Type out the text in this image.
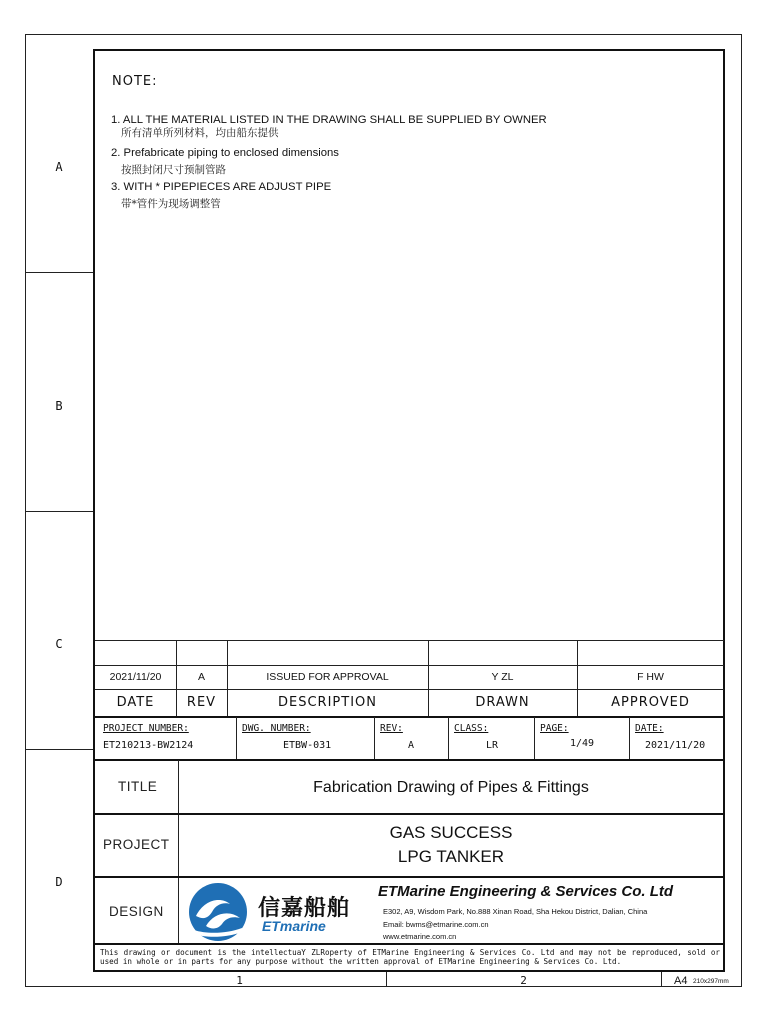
A
B
C
D
NOTE:
1. ALL THE MATERIAL LISTED IN THE DRAWING SHALL BE SUPPLIED BY OWNER
所有清单所列材料，均由船东提供
2. Prefabricate piping to enclosed dimensions
按照封闭尺寸预制管路
3. WITH * PIPEPIECES ARE ADJUST PIPE
带*管件为现场调整管
2021/11/20	A	ISSUED FOR APPROVAL	Y ZL	F HW
DATE	REV	DESCRIPTION	DRAWN	APPROVED
PROJECT NUMBER:
ET210213-BW2124
DWG. NUMBER:
ETBW-031
REV:
A
CLASS:
LR
PAGE:
1/49
DATE:
2021/11/20
TITLE	Fabrication Drawing of Pipes & Fittings
PROJECT
GAS SUCCESS
LPG TANKER
DESIGN	信嘉船舶
ETmarine
ETMarine Engineering & Services Co. Ltd
E302, A9, Wisdom Park, No.888 Xinan Road, Sha Hekou District, Dalian, China
Email: bwms@etmarine.com.cn
www.etmarine.com.cn
This drawing or document is the intellectuaY ZLRoperty of ETMarine Engineering & Services Co. Ltd and may not be reproduced, sold or used in whole or in parts for any purpose without the written approval of ETMarine Engineering & Services Co. Ltd.
1	2	A4 210x297mm
